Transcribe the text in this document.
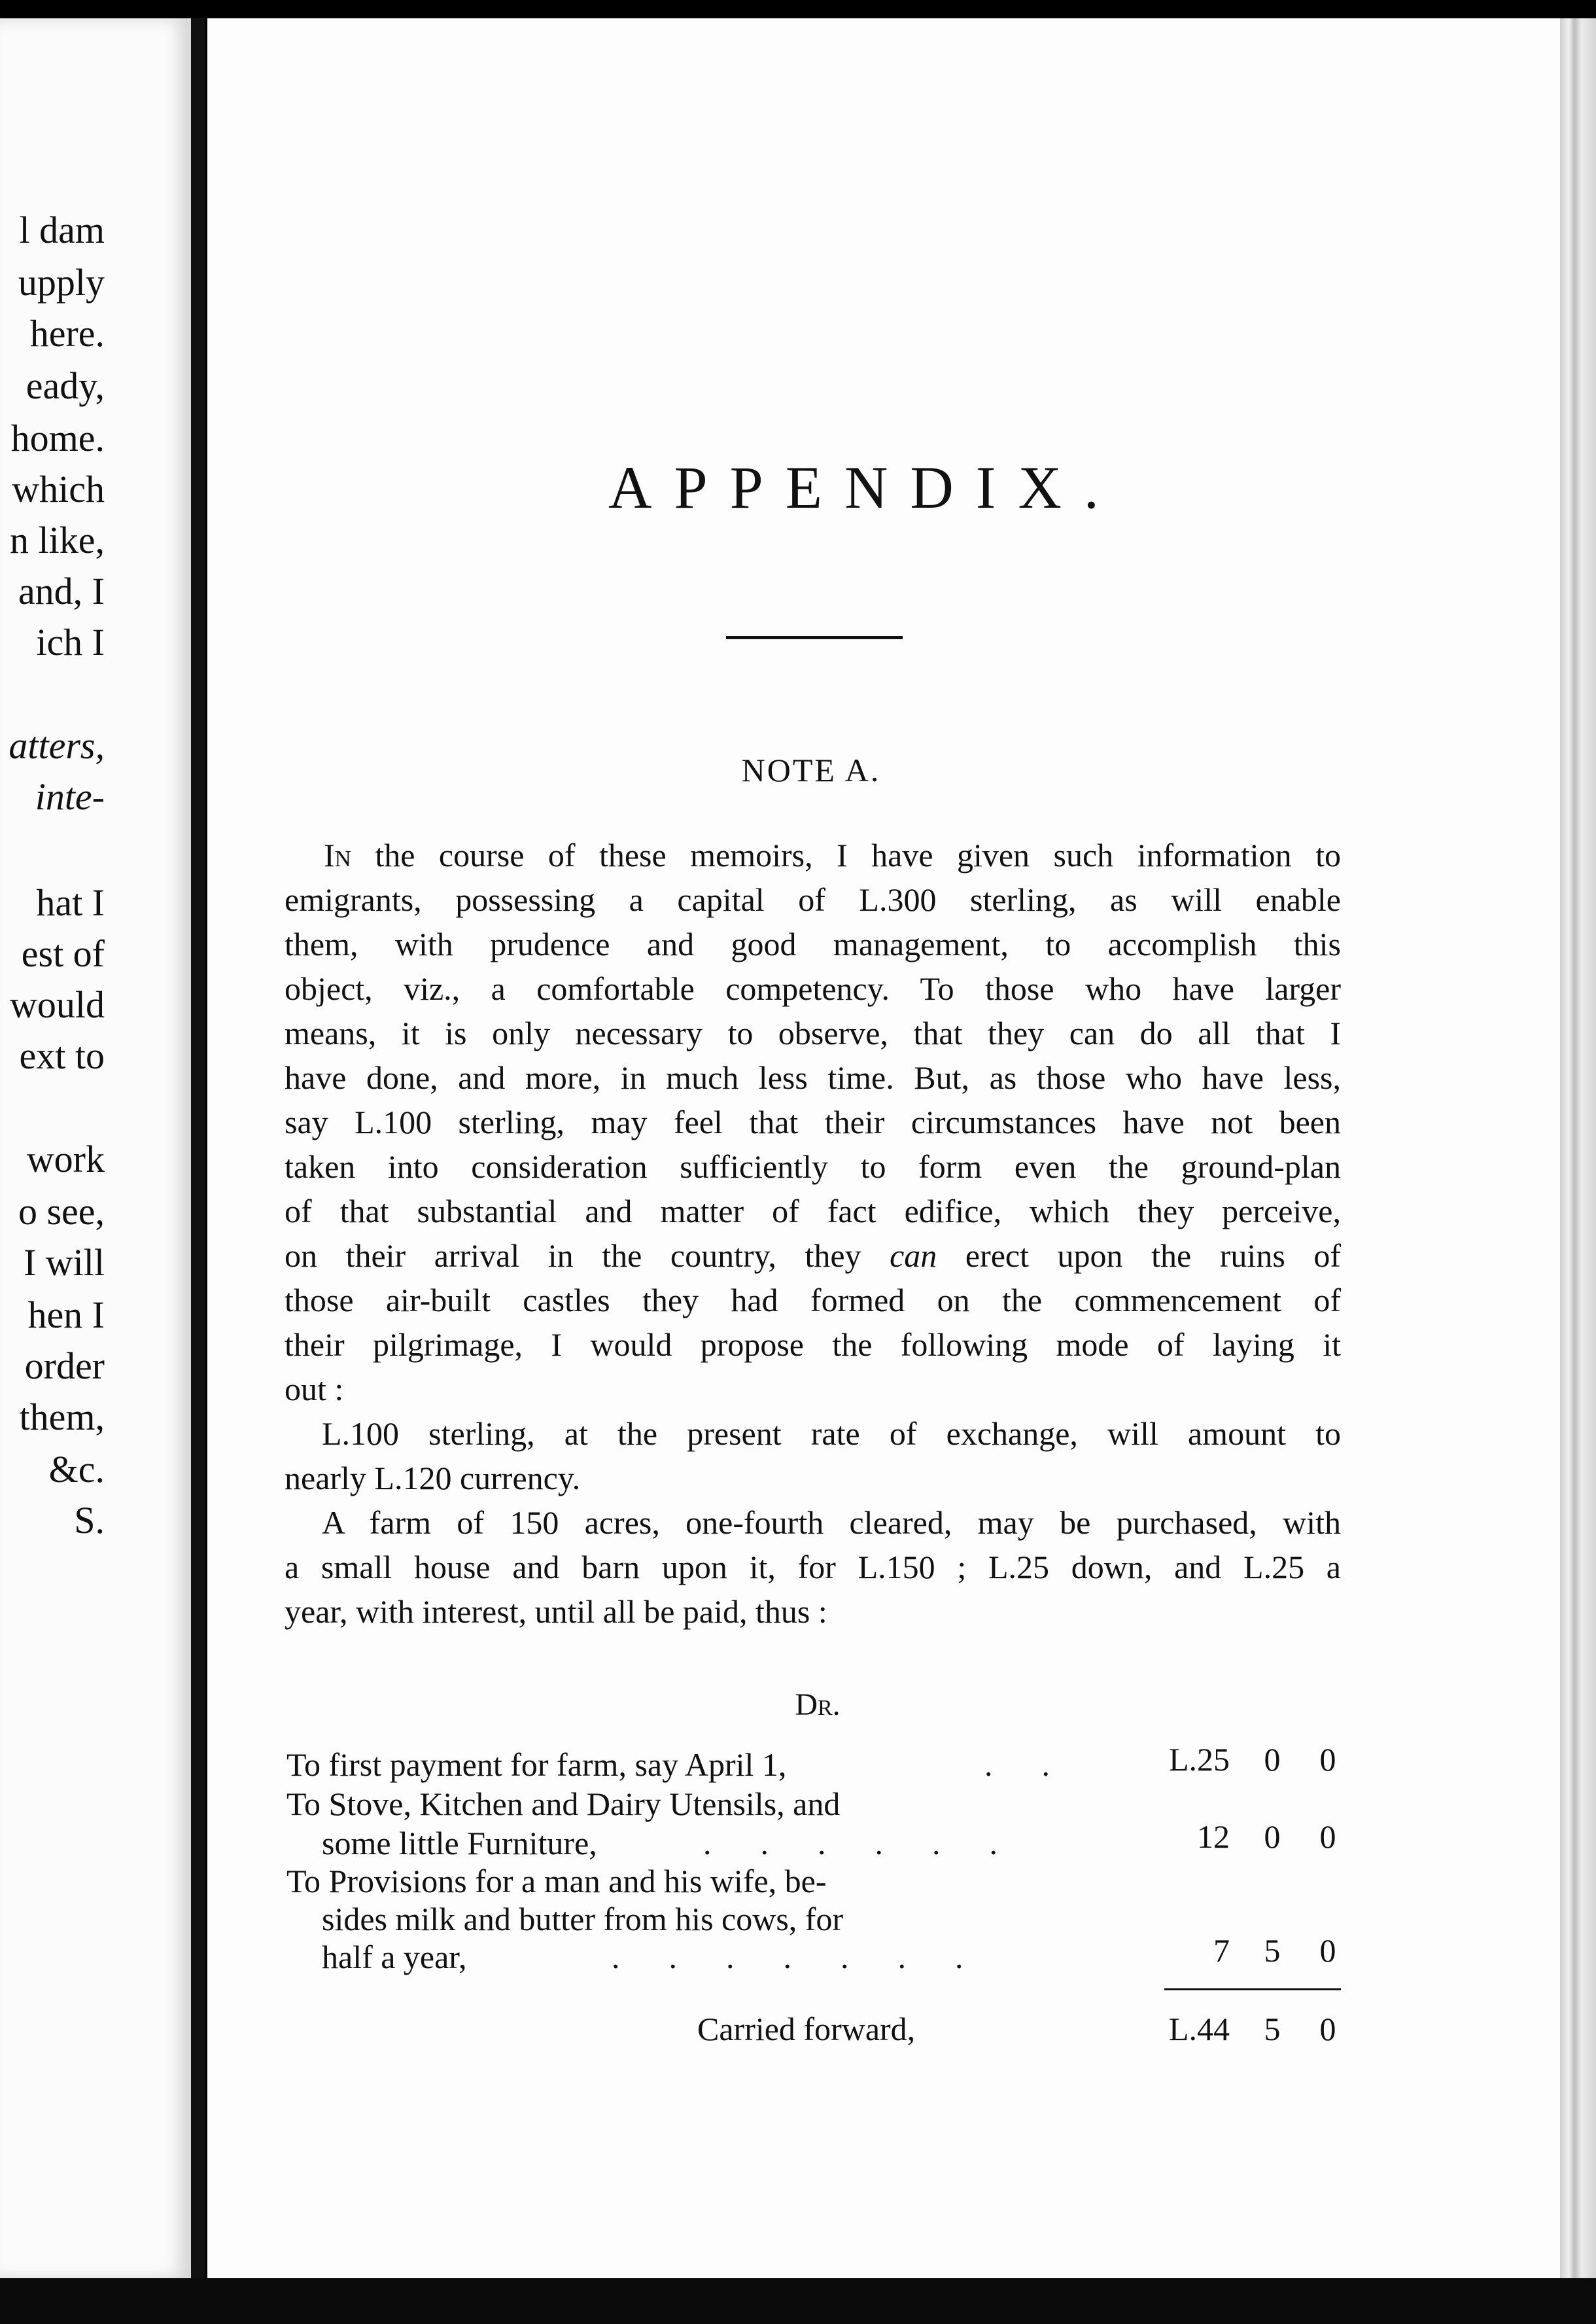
l dam
upply
here.
eady,
home.
which
n like,
and, I
ich I
atters,
inte-
hat I
est of
would
ext to
work
o see,
I will
hen I
order
them,
&c.
S.
APPENDIX.
NOTE A.
In the course of these memoirs, I have given such information to
emigrants, possessing a capital of L.300 sterling, as will enable
them, with prudence and good management, to accomplish this
object, viz., a comfortable competency. To those who have larger
means, it is only necessary to observe, that they can do all that I
have done, and more, in much less time. But, as those who have less,
say L.100 sterling, may feel that their circumstances have not been
taken into consideration sufficiently to form even the ground-plan
of that substantial and matter of fact edifice, which they perceive,
on their arrival in the country, they can erect upon the ruins of
those air-built castles they had formed on the commencement of
their pilgrimage, I would propose the following mode of laying it
out :
L.100 sterling, at the present rate of exchange, will amount to
nearly L.120 currency.
A farm of 150 acres, one-fourth cleared, may be purchased, with
a small house and barn upon it, for L.150 ; L.25 down, and L.25 a
year, with interest, until all be paid, thus :
Dr.
To first payment for farm, say April 1,	.      .	L.25 0 0
To Stove, Kitchen and Dairy Utensils, and
some little Furniture,	.      .      .      .      .      .	12 0 0
To Provisions for a man and his wife, be-
sides milk and butter from his cows, for
half a year,	.      .      .      .      .      .      .	7 5 0
Carried forward,	L.44 5 0
